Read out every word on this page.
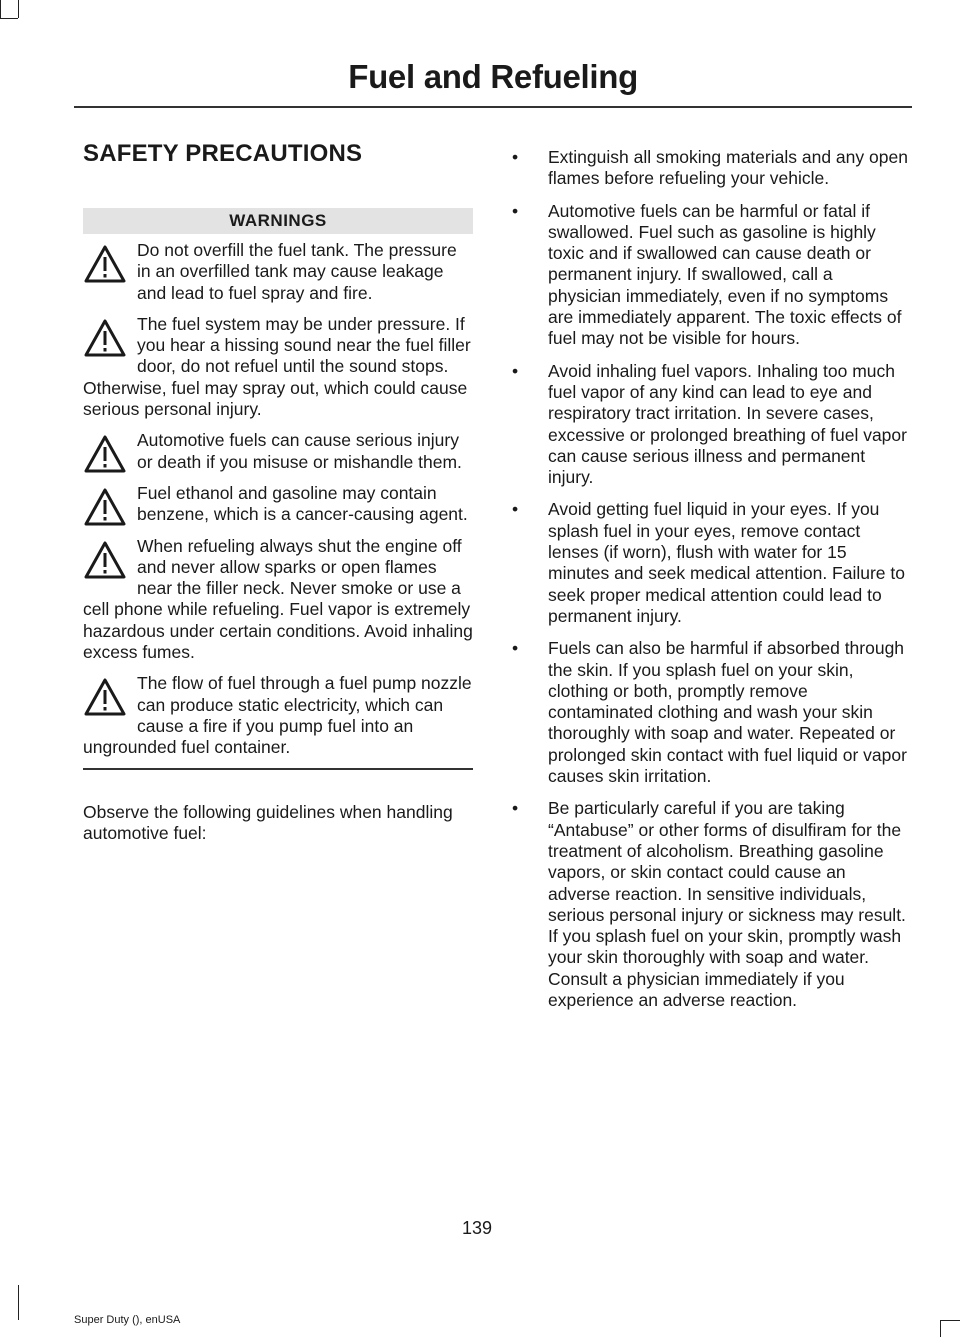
Fuel and Refueling
SAFETY PRECAUTIONS
WARNINGS
Do not overfill the fuel tank. The pressure in an overfilled tank may cause leakage and lead to fuel spray and fire.
The fuel system may be under pressure. If you hear a hissing sound near the fuel filler door, do not refuel until the sound stops. Otherwise, fuel may spray out, which could cause serious personal injury.
Automotive fuels can cause serious injury or death if you misuse or mishandle them.
Fuel ethanol and gasoline may contain benzene, which is a cancer-causing agent.
When refueling always shut the engine off and never allow sparks or open flames near the filler neck. Never smoke or use a cell phone while refueling. Fuel vapor is extremely hazardous under certain conditions. Avoid inhaling excess fumes.
The flow of fuel through a fuel pump nozzle can produce static electricity, which can cause a fire if you pump fuel into an ungrounded fuel container.
Observe the following guidelines when handling automotive fuel:
• Extinguish all smoking materials and any open flames before refueling your vehicle.
• Automotive fuels can be harmful or fatal if swallowed. Fuel such as gasoline is highly toxic and if swallowed can cause death or permanent injury. If swallowed, call a physician immediately, even if no symptoms are immediately apparent. The toxic effects of fuel may not be visible for hours.
• Avoid inhaling fuel vapors. Inhaling too much fuel vapor of any kind can lead to eye and respiratory tract irritation. In severe cases, excessive or prolonged breathing of fuel vapor can cause serious illness and permanent injury.
• Avoid getting fuel liquid in your eyes. If you splash fuel in your eyes, remove contact lenses (if worn), flush with water for 15 minutes and seek medical attention. Failure to seek proper medical attention could lead to permanent injury.
• Fuels can also be harmful if absorbed through the skin. If you splash fuel on your skin, clothing or both, promptly remove contaminated clothing and wash your skin thoroughly with soap and water. Repeated or prolonged skin contact with fuel liquid or vapor causes skin irritation.
• Be particularly careful if you are taking “Antabuse” or other forms of disulfiram for the treatment of alcoholism. Breathing gasoline vapors, or skin contact could cause an adverse reaction. In sensitive individuals, serious personal injury or sickness may result. If you splash fuel on your skin, promptly wash your skin thoroughly with soap and water. Consult a physician immediately if you experience an adverse reaction.
139
Super Duty (), enUSA
